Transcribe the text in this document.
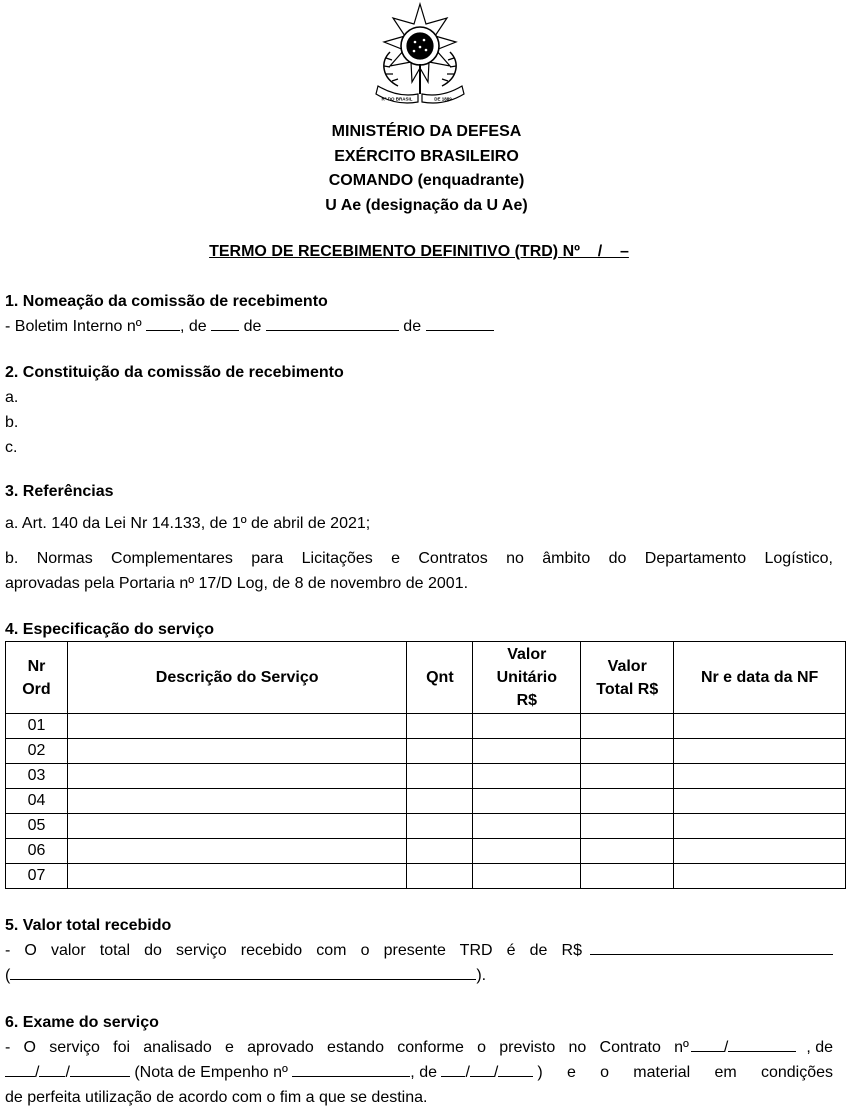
Rª DO BRASIL	DE 1889
MINISTÉRIO DA DEFESA
EXÉRCITO BRASILEIRO
COMANDO (enquadrante)
U Ae (designação da U Ae)
TERMO DE RECEBIMENTO DEFINITIVO (TRD) Nº    /    –
1. Nomeação da comissão de recebimento

- Boletim Interno nº , de  de	de

2. Constituição da comissão de recebimento

a.

b.

c.

3. Referências

a. Art. 140 da Lei Nr 14.133, de 1º de abril de 2021;

b. Normas Complementares para Licitações e Contratos no âmbito do Departamento Logístico,

aprovadas pela Portaria nº 17/D Log, de 8 de novembro de 2001.

4. Especificação do serviço
Nr Ord	Descrição do Serviço	Qnt	Valor Unitário R$	Valor Total R$	Nr e data da NF
01					
02					
03					
04					
05					
06					
07					
5. Valor total recebido

- O valor total do serviço recebido com o presente TRD é de R$

(	).

6. Exame do serviço

- O serviço foi analisado e aprovado estando conforme o previsto no Contrato nº /	, de

/ /	(Nota de Empenho nº	, de / / ) e o material em condições

de perfeita utilização de acordo com o fim a que se destina.
